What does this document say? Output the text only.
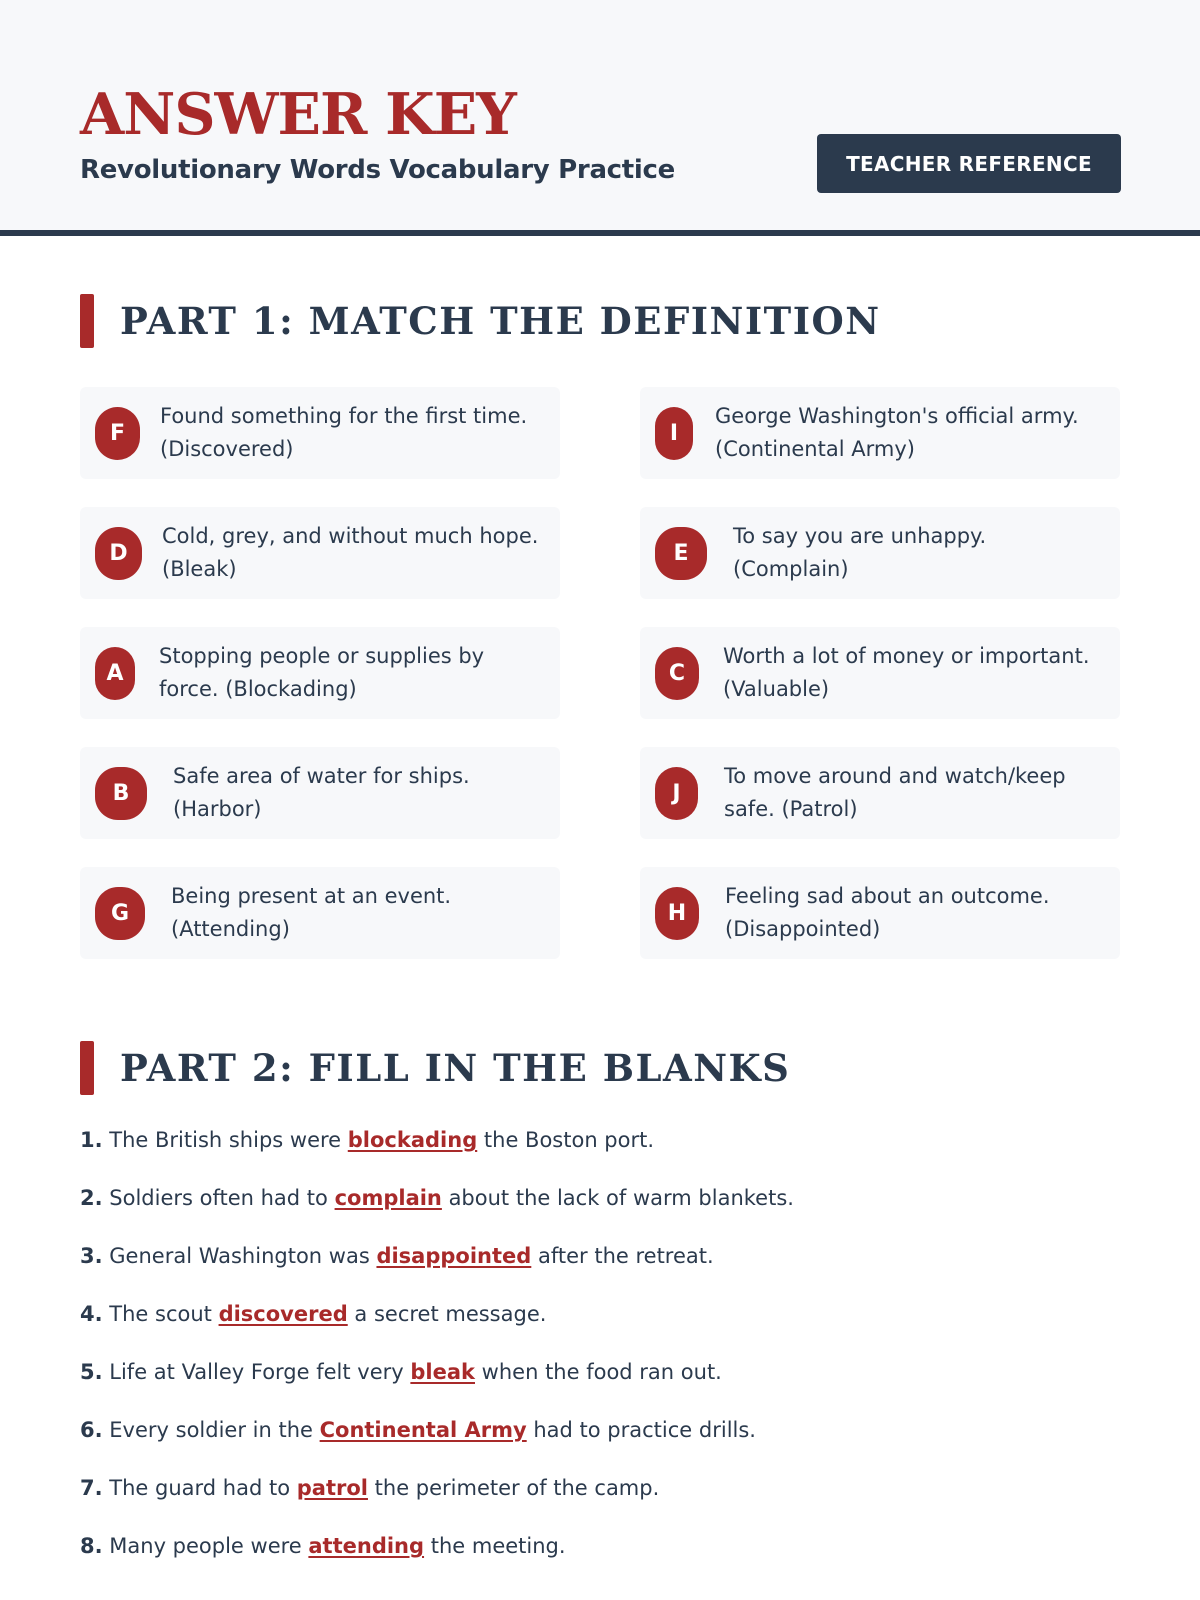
ANSWER KEY
Revolutionary Words Vocabulary Practice	TEACHER REFERENCE
PART 1: MATCH THE DEFINITION
F
Found something for the first time. (Discovered)
I
George Washington's official army. (Continental Army)
D
Cold, grey, and without much hope. (Bleak)
E
To say you are unhappy. (Complain)
A
Stopping people or supplies by force. (Blockading)
C
Worth a lot of money or important. (Valuable)
B
Safe area of water for ships. (Harbor)
J
To move around and watch/keep safe. (Patrol)
G
Being present at an event. (Attending)
H
Feeling sad about an outcome. (Disappointed)
PART 2: FILL IN THE BLANKS
1. The British ships were blockading the Boston port.
2. Soldiers often had to complain about the lack of warm blankets.
3. General Washington was disappointed after the retreat.
4. The scout discovered a secret message.
5. Life at Valley Forge felt very bleak when the food ran out.
6. Every soldier in the Continental Army had to practice drills.
7. The guard had to patrol the perimeter of the camp.
8. Many people were attending the meeting.
